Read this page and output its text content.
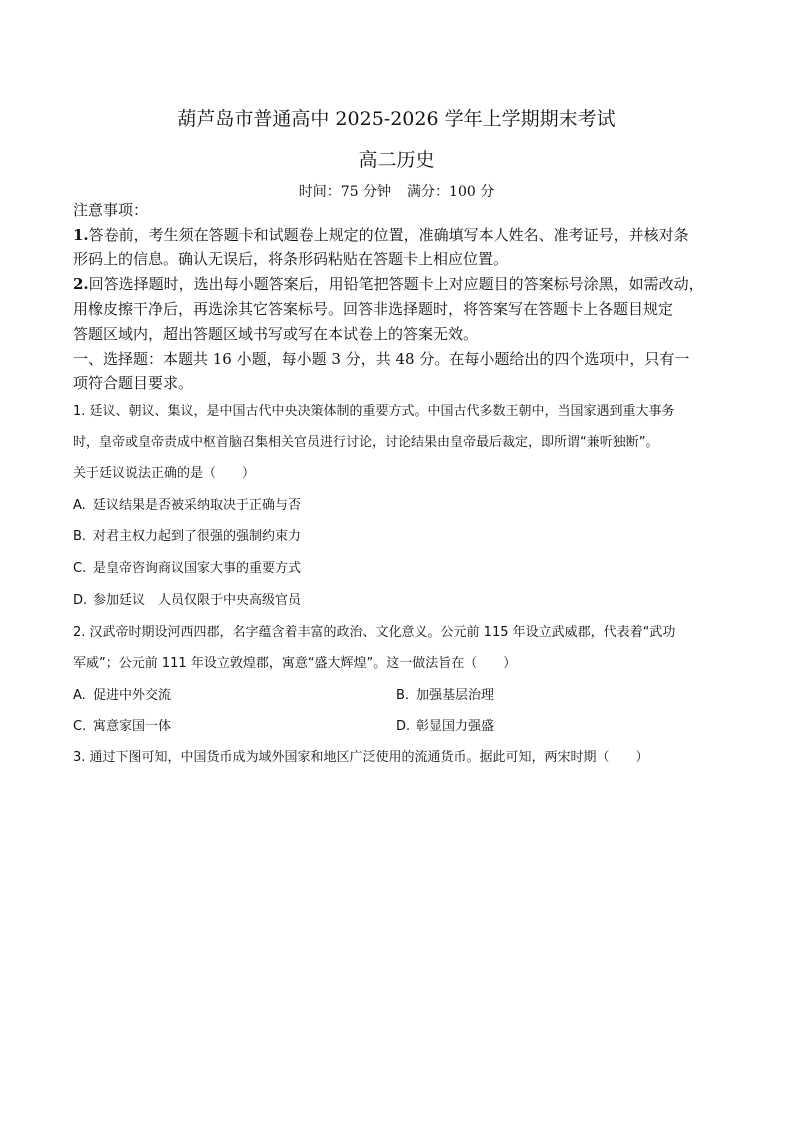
葫芦岛市普通高中 2025-2026 学年上学期期末考试
高二历史
时间：75 分钟 满分：100 分
注意事项：
1.答卷前，考生须在答题卡和试题卷上规定的位置，准确填写本人姓名、准考证号，并核对条
形码上的信息。确认无误后，将条形码粘贴在答题卡上相应位置。
2.回答选择题时，选出每小题答案后，用铅笔把答题卡上对应题目的答案标号涂黑，如需改动，
用橡皮擦干净后，再选涂其它答案标号。回答非选择题时，将答案写在答题卡上各题目规定
答题区域内，超出答题区域书写或写在本试卷上的答案无效。
一、选择题：本题共 16 小题，每小题 3 分，共 48 分。在每小题给出的四个选项中，只有一
项符合题目要求。
1. 廷议、朝议、集议，是中国古代中央决策体制的重要方式。中国古代多数王朝中，当国家遇到重大事务
时，皇帝或皇帝责成中枢首脑召集相关官员进行讨论，讨论结果由皇帝最后裁定，即所谓“兼听独断”。
关于廷议说法正确的是（　　）
A. 廷议结果是否被采纳取决于正确与否
B. 对君主权力起到了很强的强制约束力
C. 是皇帝咨询商议国家大事的重要方式
D. 参加廷议　人员仅限于中央高级官员
2. 汉武帝时期设河西四郡，名字蕴含着丰富的政治、文化意义。公元前 115 年设立武威郡，代表着“武功
军威”；公元前 111 年设立敦煌郡，寓意“盛大辉煌”。这一做法旨在（　　）
A. 促进中外交流	B. 加强基层治理
C. 寓意家国一体	D. 彰显国力强盛
3. 通过下图可知，中国货币成为域外国家和地区广泛使用的流通货币。据此可知，两宋时期（　　）
